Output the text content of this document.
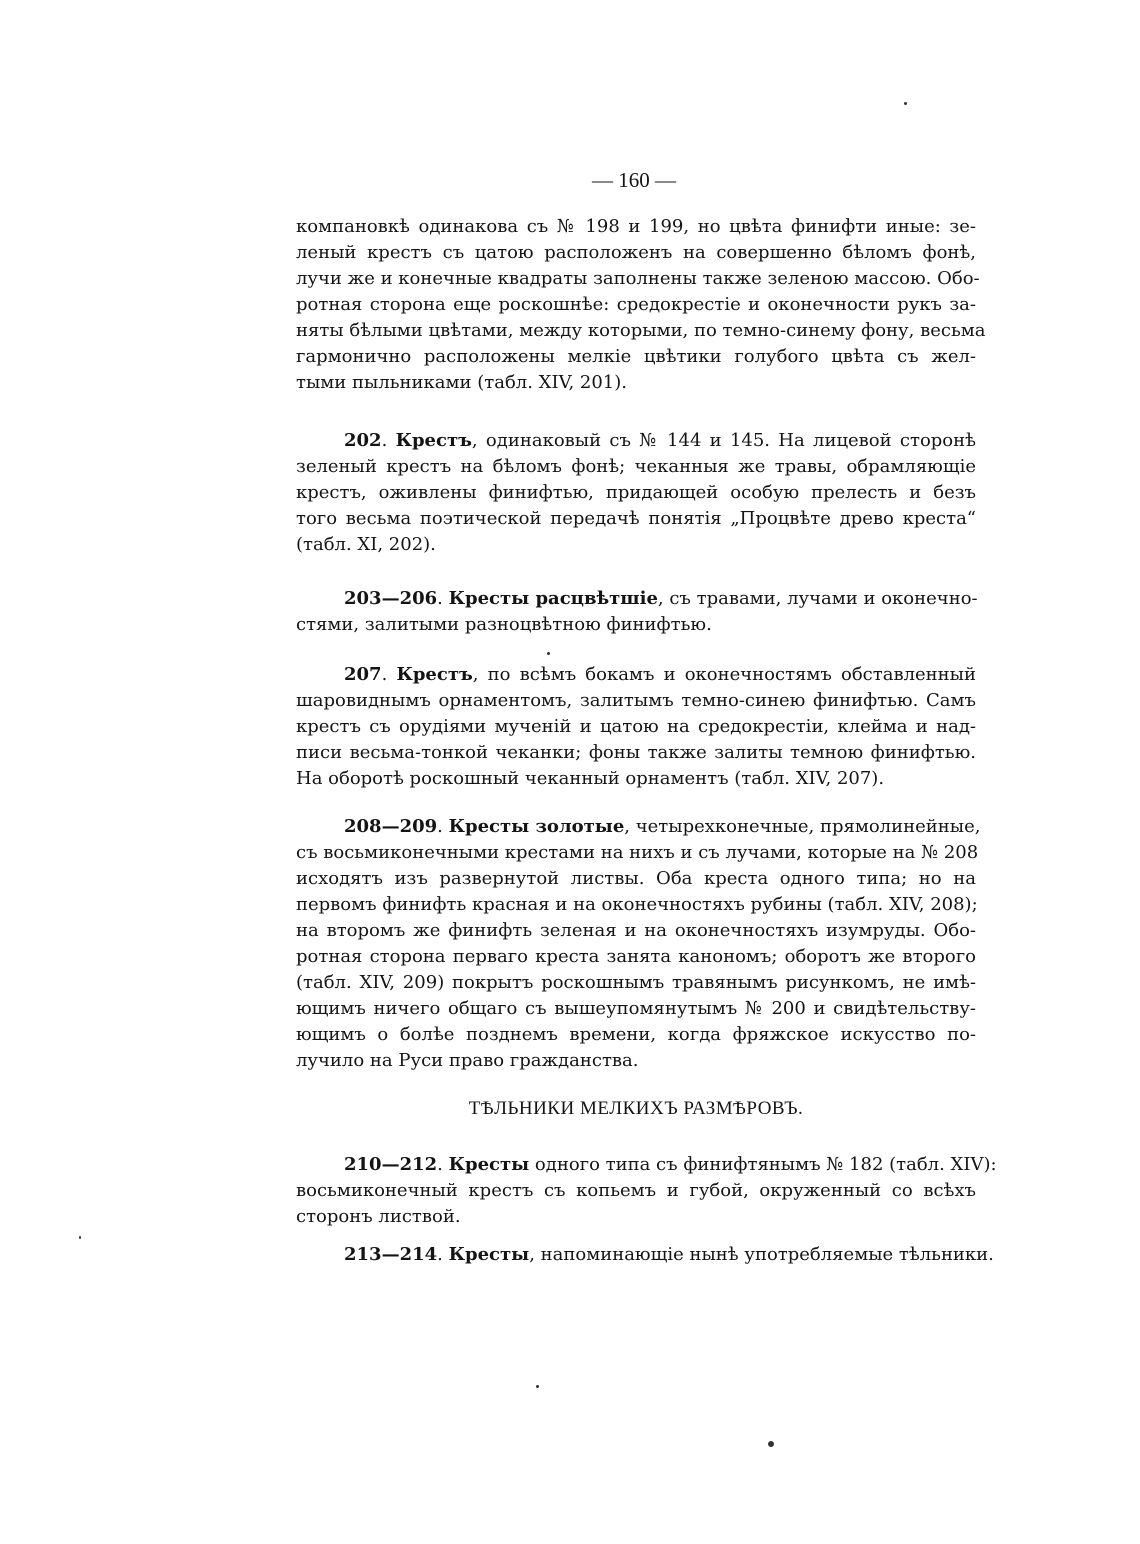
— 160 —
компановкѣ одинакова съ № 198 и 199, но цвѣта финифти иные: зе-
леный крестъ съ цатою расположенъ на совершенно бѣломъ фонѣ,
лучи же и конечные квадраты заполнены также зеленою массою. Обо-
ротная сторона еще роскошнѣе: средокрестіе и оконечности рукъ за-
няты бѣлыми цвѣтами, между которыми, по темно-синему фону, весьма
гармонично расположены мелкіе цвѣтики голубого цвѣта съ жел-
тыми пыльниками (табл. XIV, 201).
202. Крестъ, одинаковый съ № 144 и 145. На лицевой сторонѣ
зеленый крестъ на бѣломъ фонѣ; чеканныя же травы, обрамляющіе
крестъ, оживлены финифтью, придающей особую прелесть и безъ
того весьма поэтической передачѣ понятія „Процвѣте древо креста“
(табл. XI, 202).
203—206. Кресты расцвѣтшіе, съ травами, лучами и оконечно-
стями, залитыми разноцвѣтною финифтью.
207. Крестъ, по всѣмъ бокамъ и оконечностямъ обставленный
шаровиднымъ орнаментомъ, залитымъ темно-синею финифтью. Самъ
крестъ съ орудіями мученій и цатою на средокрестіи, клейма и над-
писи весьма-тонкой чеканки; фоны также залиты темною финифтью.
На оборотѣ роскошный чеканный орнаментъ (табл. XIV, 207).
208—209. Кресты золотые, четырехконечные, прямолинейные,
съ восьмиконечными крестами на нихъ и съ лучами, которые на № 208
исходятъ изъ развернутой листвы. Оба креста одного типа; но на
первомъ финифть красная и на оконечностяхъ рубины (табл. XIV, 208);
на второмъ же финифть зеленая и на оконечностяхъ изумруды. Обо-
ротная сторона перваго креста занята канономъ; оборотъ же второго
(табл. XIV, 209) покрытъ роскошнымъ травянымъ рисункомъ, не имѣ-
ющимъ ничего общаго съ вышеупомянутымъ № 200 и свидѣтельству-
ющимъ о болѣе позднемъ времени, когда фряжское искусство по-
лучило на Руси право гражданства.
ТѢЛЬНИКИ МЕЛКИХЪ РАЗМѢРОВЪ.
210—212. Кресты одного типа съ финифтянымъ № 182 (табл. XIV):
восьмиконечный крестъ съ копьемъ и губой, окруженный со всѣхъ
сторонъ листвой.
213—214. Кресты, напоминающіе нынѣ употребляемые тѣльники.
